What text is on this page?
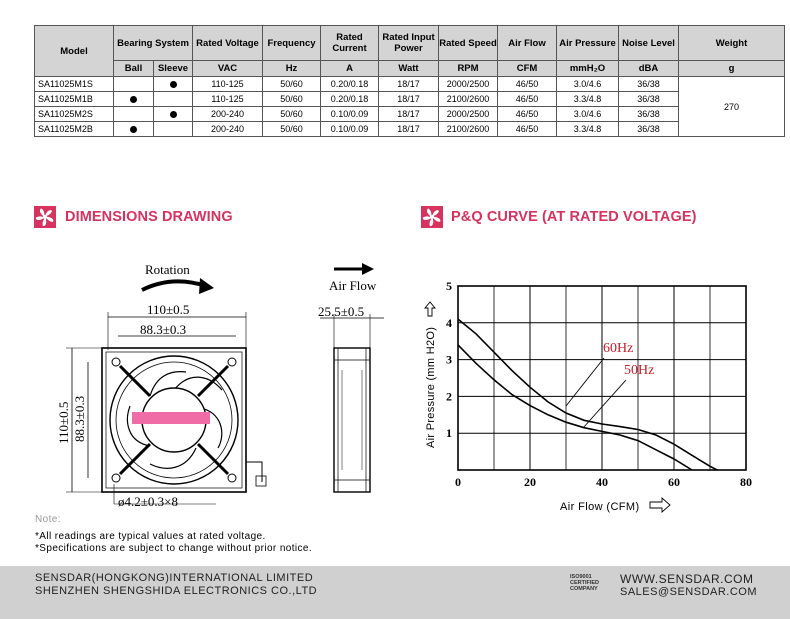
Model	Bearing System		Rated Voltage	Frequency	Rated Current	Rated Input Power	Rated Speed	Air Flow	Air Pressure	Noise Level	Weight
	Ball	Sleeve	VAC	Hz	A	Watt	RPM	CFM	mmH₂O	dBA	g
SA11025M1S			110-125	50/60	0.20/0.18	18/17	2000/2500	46/50	3.0/4.6	36/38	270
SA11025M1B			110-125	50/60	0.20/0.18	18/17	2100/2600	46/50	3.3/4.8	36/38	
SA11025M2S			200-240	50/60	0.10/0.09	18/17	2000/2500	46/50	3.0/4.6	36/38	
SA11025M2B			200-240	50/60	0.10/0.09	18/17	2100/2600	46/50	3.3/4.8	36/38	
DIMENSIONS DRAWING	P&Q CURVE (AT RATED VOLTAGE)
Rotation
110±0.5
88.3±0.3
110±0.5 88.3±0.3
ø4.2±0.3×8
Air Flow
25.5±0.5
0	20	40	60	80
1
2
3
4
5
60Hz
50Hz
Air Pressure (mm H2O)
Air Flow (CFM)
Note:
*All readings are typical values at rated voltage.
*Specifications are subject to change without prior notice.
SENSDAR(HONGKONG)INTERNATIONAL LIMITED
SHENZHEN SHENGSHIDA ELECTRONICS CO.,LTD
WWW.SENSDAR.COM
SALES@SENSDAR.COM
ISO9001
CERTIFIED
COMPANY
